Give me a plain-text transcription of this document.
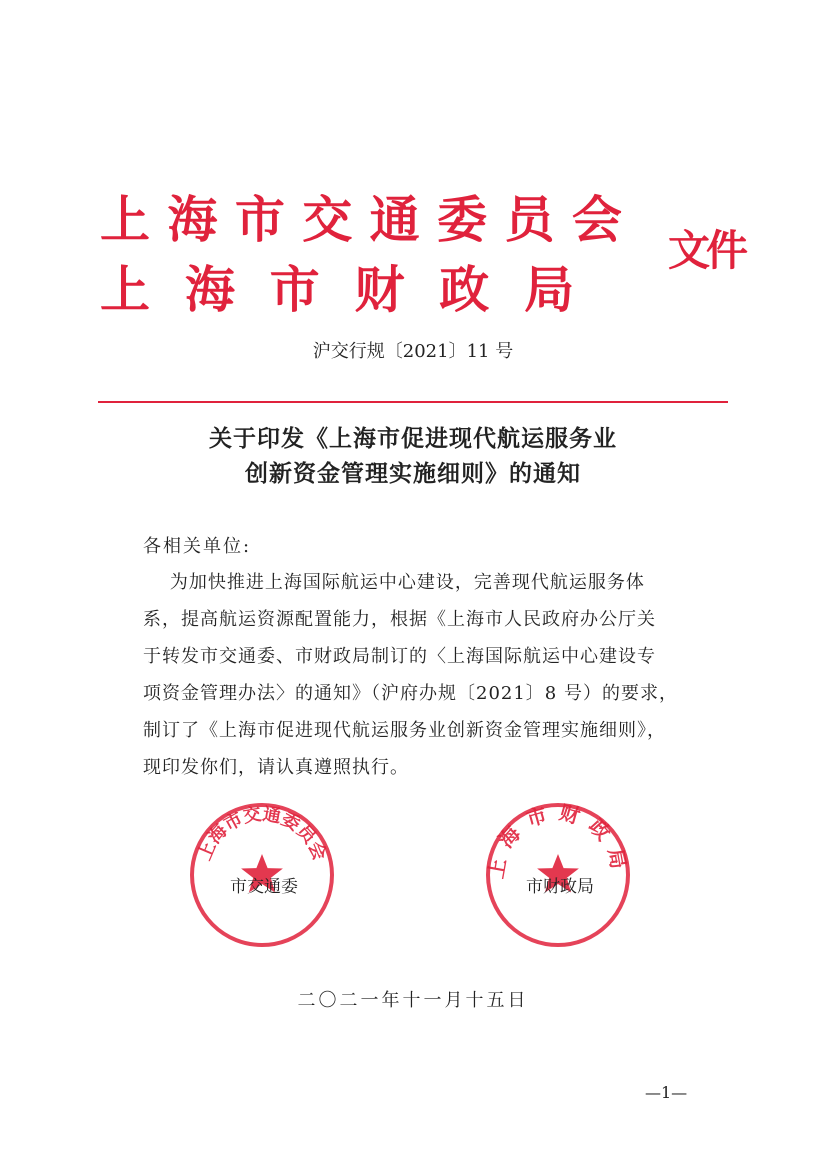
上 海 市 交 通 委 员 会
上  海  市  财  政  局
文件
沪交行规〔2021〕11 号
关于印发《上海市促进现代航运服务业
创新资金管理实施细则》的通知
各相关单位:
为加快推进上海国际航运中心建设，完善现代航运服务体
系，提高航运资源配置能力，根据《上海市人民政府办公厅关
于转发市交通委、市财政局制订的〈上海国际航运中心建设专
项资金管理办法〉的通知》（沪府办规〔2021〕8 号）的要求，
制订了《上海市促进现代航运服务业创新资金管理实施细则》，
现印发你们，请认真遵照执行。
上海市交通委员会
市交通委
上海市财政局
市财政局
二〇二一年十一月十五日
—1—
